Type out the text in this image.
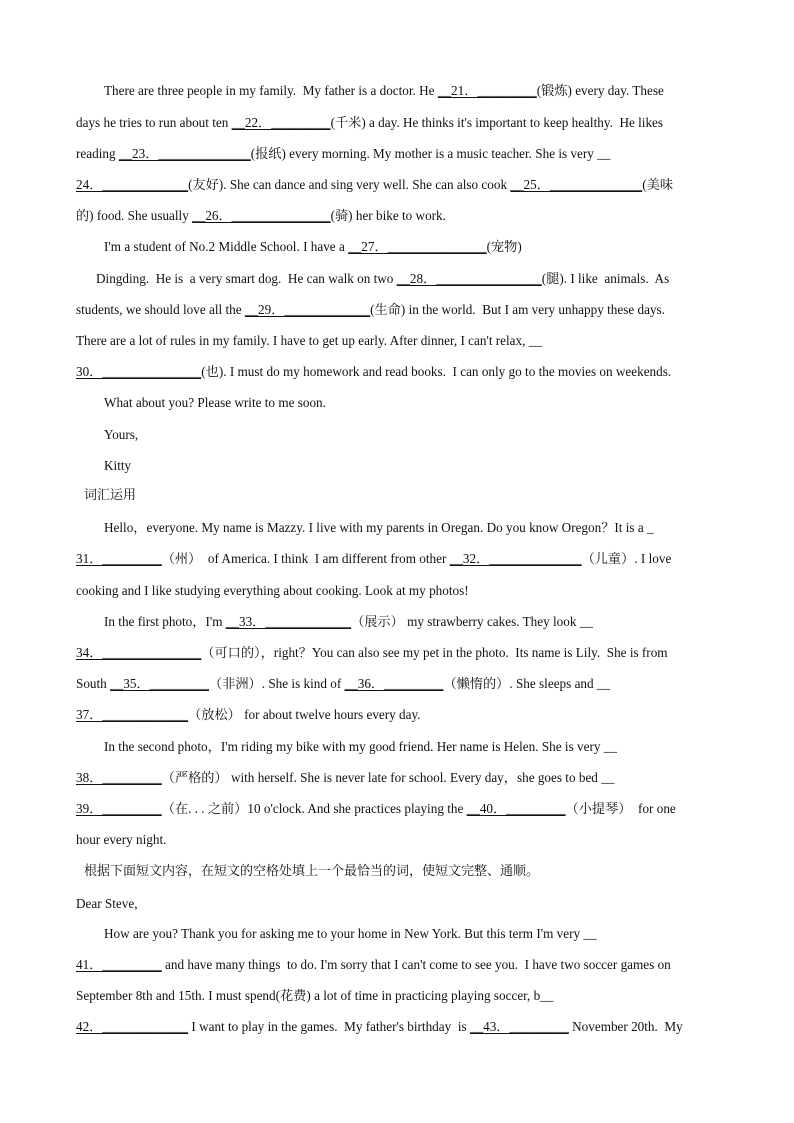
There are three people in my family.  My father is a doctor. He __21．_________(锻炼) every day. These
days he tries to run about ten __22．_________(千米) a day. He thinks it's important to keep healthy.  He likes
reading __23．______________(报纸) every morning. My mother is a music teacher. She is very __
24．_____________(友好). She can dance and sing very well. She can also cook __25．______________(美味
的) food. She usually __26．_______________(骑) her bike to work.
I'm a student of No.2 Middle School. I have a __27．_______________(宠物)
Dingding.  He is  a very smart dog.  He can walk on two __28．________________(腿). I like  animals.  As
students, we should love all the __29．_____________(生命) in the world.  But I am very unhappy these days.
There are a lot of rules in my family. I have to get up early. After dinner, I can't relax, __
30．_______________(也). I must do my homework and read books.  I can only go to the movies on weekends.
What about you? Please write to me soon.
Yours,
Kitty
词汇运用
Hello，everyone. My name is Mazzy. I live with my parents in Oregan. Do you know Oregon？It is a _
31．_________（州）  of America. I think  I am different from other __32．______________（儿童）. I love
cooking and I like studying everything about cooking. Look at my photos!
In the first photo，I'm __33．_____________（展示） my strawberry cakes. They look __
34．_______________（可口的），right？You can also see my pet in the photo.  Its name is Lily.  She is from
South __35．_________（非洲）. She is kind of __36．_________（懒惰的）. She sleeps and __
37．_____________（放松） for about twelve hours every day.
In the second photo，I'm riding my bike with my good friend. Her name is Helen. She is very __
38．_________（严格的） with herself. She is never late for school. Every day，she goes to bed __
39．_________（在. . . 之前）10 o'clock. And she practices playing the __40．_________（小提琴）  for one
hour every night.
根据下面短文内容，在短文的空格处填上一个最恰当的词，使短文完整、通顺。
Dear Steve,
How are you? Thank you for asking me to your home in New York. But this term I'm very __
41．_________ and have many things  to do. I'm sorry that I can't come to see you.  I have two soccer games on
September 8th and 15th. I must spend(花费) a lot of time in practicing playing soccer, b__
42．_____________ I want to play in the games.  My father's birthday  is __43．_________ November 20th.  My
